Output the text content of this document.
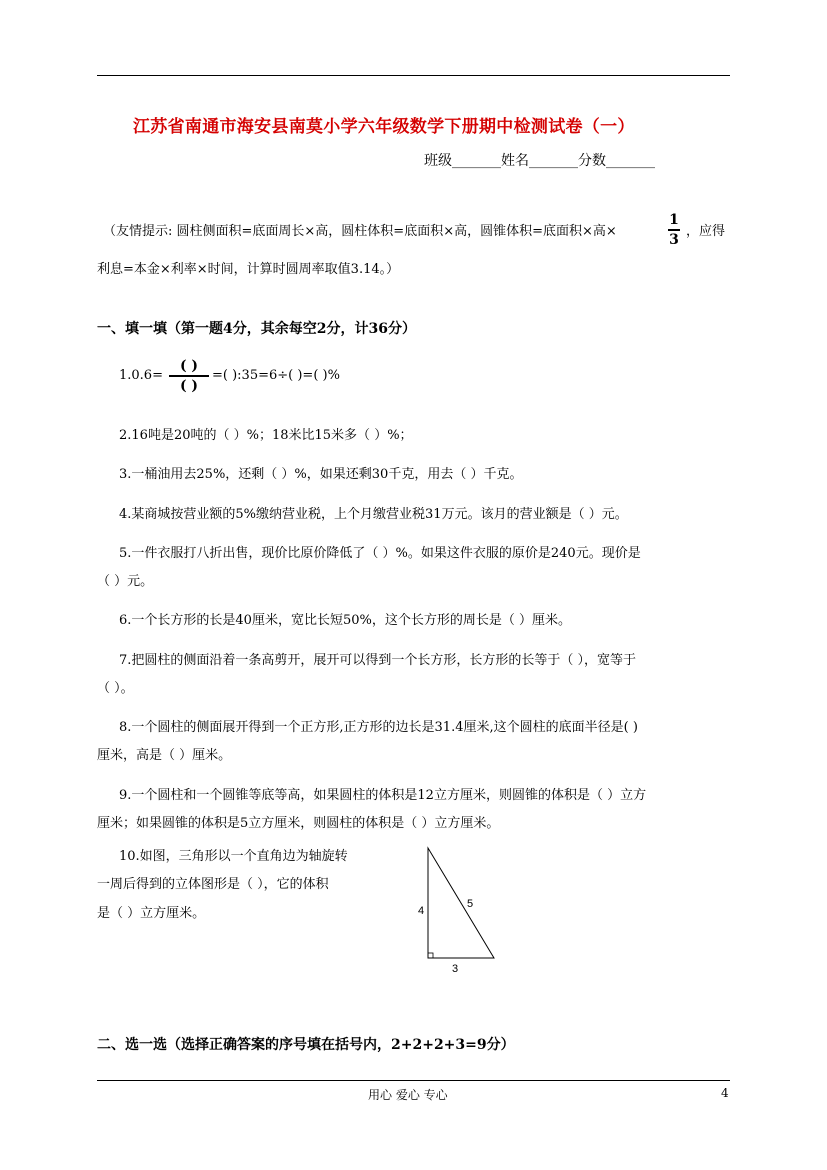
江苏省南通市海安县南莫小学六年级数学下册期中检测试卷（一）
班级_______姓名_______分数_______
（友情提示: 圆柱侧面积=底面周长×高，圆柱体积=底面积×高，圆锥体积=底面积×高×
1
3
，应得
利息=本金×利率×时间，计算时圆周率取值3.14。）
一、填一填（第一题4分，其余每空2分，计36分）
1.0.6=
( )
( )
=( ):35=6÷( )=( )%
2.16吨是20吨的（ ）%；18米比15米多（ ）%；
3.一桶油用去25%，还剩（ ）%，如果还剩30千克，用去（ ）千克。
4.某商城按营业额的5%缴纳营业税，上个月缴营业税31万元。该月的营业额是（ ）元。
5.一件衣服打八折出售，现价比原价降低了（ ）%。如果这件衣服的原价是240元。现价是
（ ）元。
6.一个长方形的长是40厘米，宽比长短50%，这个长方形的周长是（ ）厘米。
7.把圆柱的侧面沿着一条高剪开，展开可以得到一个长方形，长方形的长等于（ ），宽等于
（ ）。
8.一个圆柱的侧面展开得到一个正方形,正方形的边长是31.4厘米,这个圆柱的底面半径是( )
厘米，高是（ ）厘米。
9.一个圆柱和一个圆锥等底等高，如果圆柱的体积是12立方厘米，则圆锥的体积是（ ）立方
厘米；如果圆锥的体积是5立方厘米，则圆柱的体积是（ ）立方厘米。
10.如图，三角形以一个直角边为轴旋转
一周后得到的立体图形是（ ），它的体积
是（ ）立方厘米。	4
5
3
二、选一选（选择正确答案的序号填在括号内，2+2+2+3=9分）
用心 爱心 专心	4
